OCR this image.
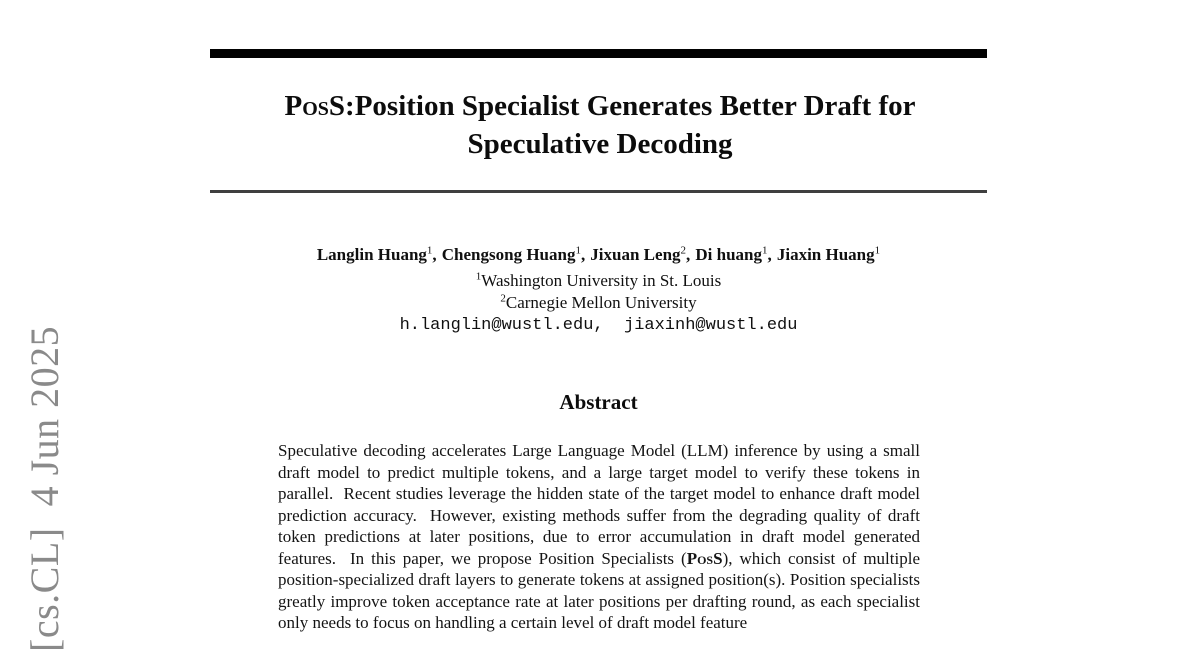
[cs.CL]  4 Jun 2025
PosS:Position Specialist Generates Better Draft for
Speculative Decoding
Langlin Huang$^1$, Chengsong Huang$^1$, Jixuan Leng$^2$, Di huang$^1$, Jiaxin Huang$^1$
$^1$Washington University in St. Louis
$^2$Carnegie Mellon University
h.langlin@wustl.edu,  jiaxinh@wustl.edu
Abstract
Speculative decoding accelerates Large Language Model (LLM) inference by using a small draft model to predict multiple tokens, and a large target model to verify these tokens in parallel.  Recent studies leverage the hidden state of the target model to enhance draft model prediction accuracy.  However, existing methods suffer from the degrading quality of draft token predictions at later positions, due to error accumulation in draft model generated features.  In this paper, we propose Position Specialists (PosS), which consist of multiple position-specialized draft layers to generate tokens at assigned position(s). Position specialists greatly improve token acceptance rate at later positions per drafting round, as each specialist only needs to focus on handling a certain level of draft model feature
